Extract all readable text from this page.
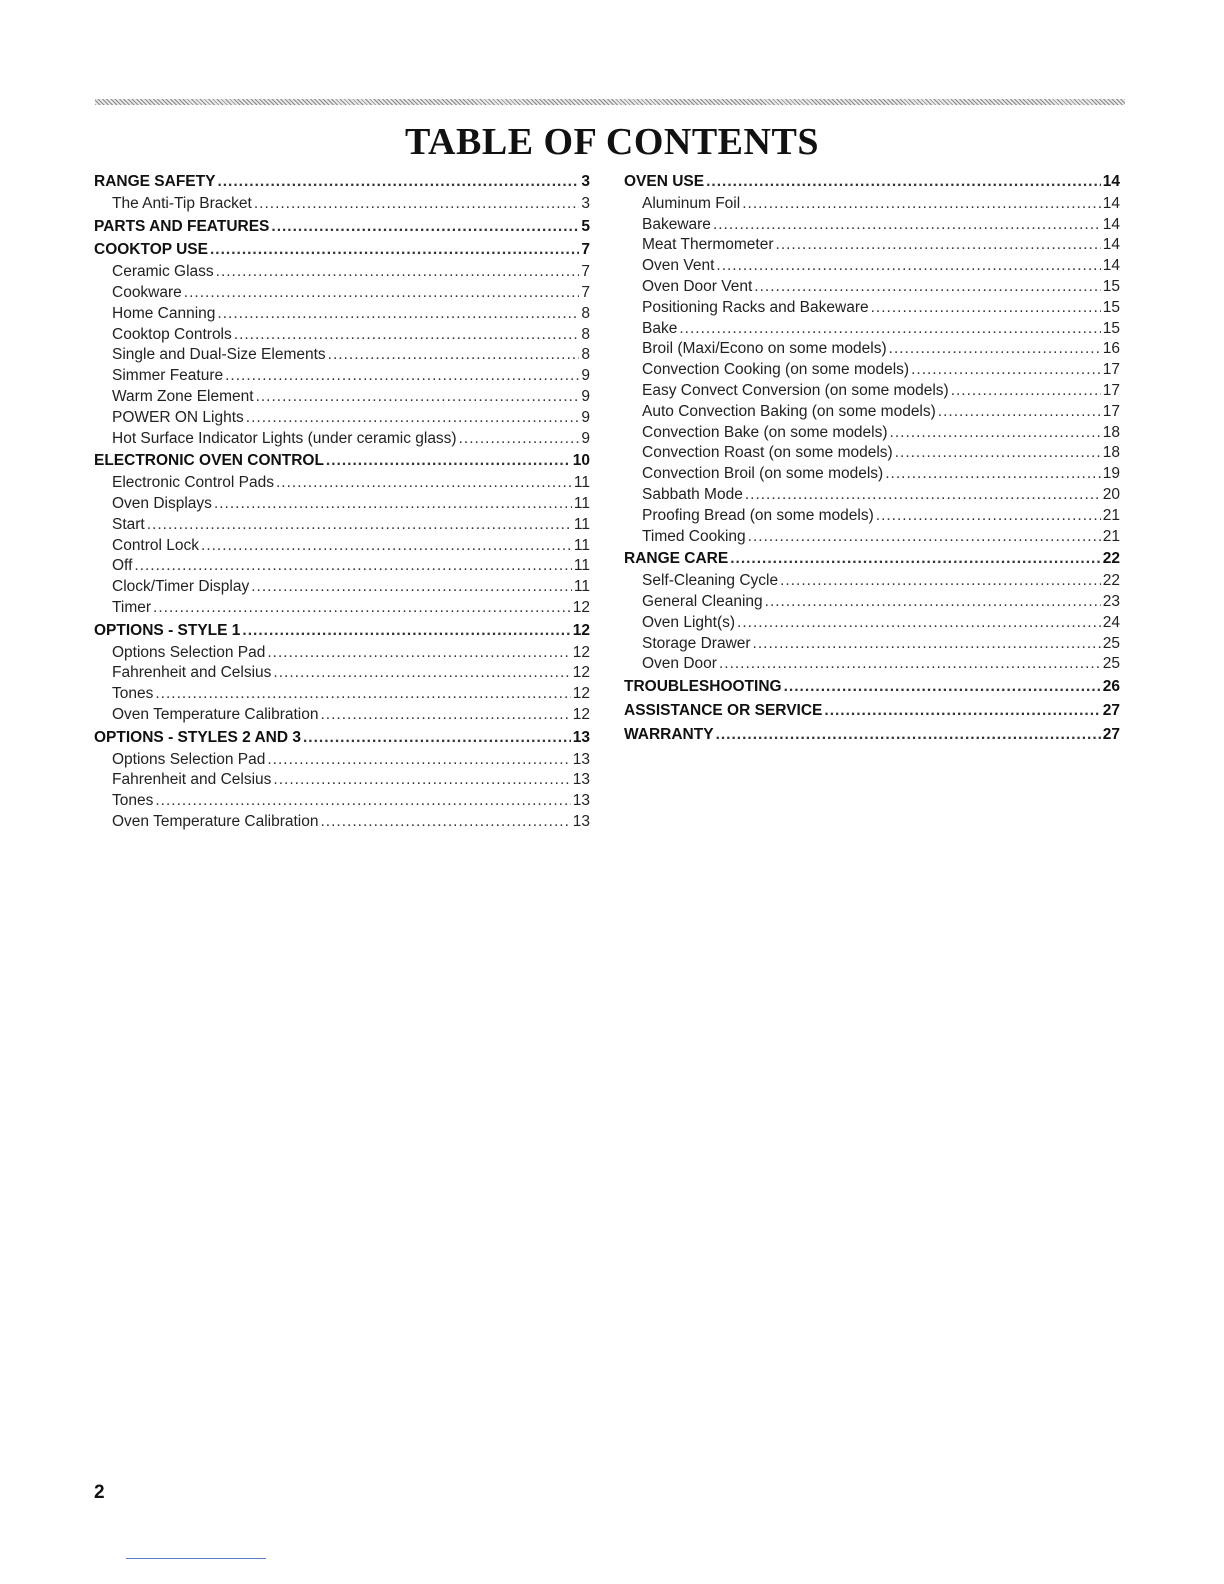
TABLE OF CONTENTS
RANGE SAFETY .....	3
The Anti-Tip Bracket .....	3
PARTS AND FEATURES .....	5
COOKTOP USE .....	7
Ceramic Glass .....	7
Cookware .....	7
Home Canning .....	8
Cooktop Controls .....	8
Single and Dual-Size Elements .....	8
Simmer Feature .....	9
Warm Zone Element .....	9
POWER ON Lights .....	9
Hot Surface Indicator Lights (under ceramic glass) .....	9
ELECTRONIC OVEN CONTROL .....	10
Electronic Control Pads .....	11
Oven Displays .....	11
Start .....	11
Control Lock .....	11
Off .....	11
Clock/Timer Display .....	11
Timer .....	12
OPTIONS - STYLE 1 .....	12
Options Selection Pad .....	12
Fahrenheit and Celsius .....	12
Tones .....	12
Oven Temperature Calibration .....	12
OPTIONS - STYLES 2 AND 3 .....	13
Options Selection Pad .....	13
Fahrenheit and Celsius .....	13
Tones .....	13
Oven Temperature Calibration .....	13
OVEN USE .....	14
Aluminum Foil .....	14
Bakeware .....	14
Meat Thermometer .....	14
Oven Vent .....	14
Oven Door Vent .....	15
Positioning Racks and Bakeware .....	15
Bake .....	15
Broil (Maxi/Econo on some models) .....	16
Convection Cooking (on some models) .....	17
Easy Convect Conversion (on some models) .....	17
Auto Convection Baking (on some models) .....	17
Convection Bake (on some models) .....	18
Convection Roast (on some models) .....	18
Convection Broil (on some models) .....	19
Sabbath Mode .....	20
Proofing Bread (on some models) .....	21
Timed Cooking .....	21
RANGE CARE .....	22
Self-Cleaning Cycle .....	22
General Cleaning .....	23
Oven Light(s) .....	24
Storage Drawer .....	25
Oven Door .....	25
TROUBLESHOOTING .....	26
ASSISTANCE OR SERVICE .....	27
WARRANTY .....	27
2
